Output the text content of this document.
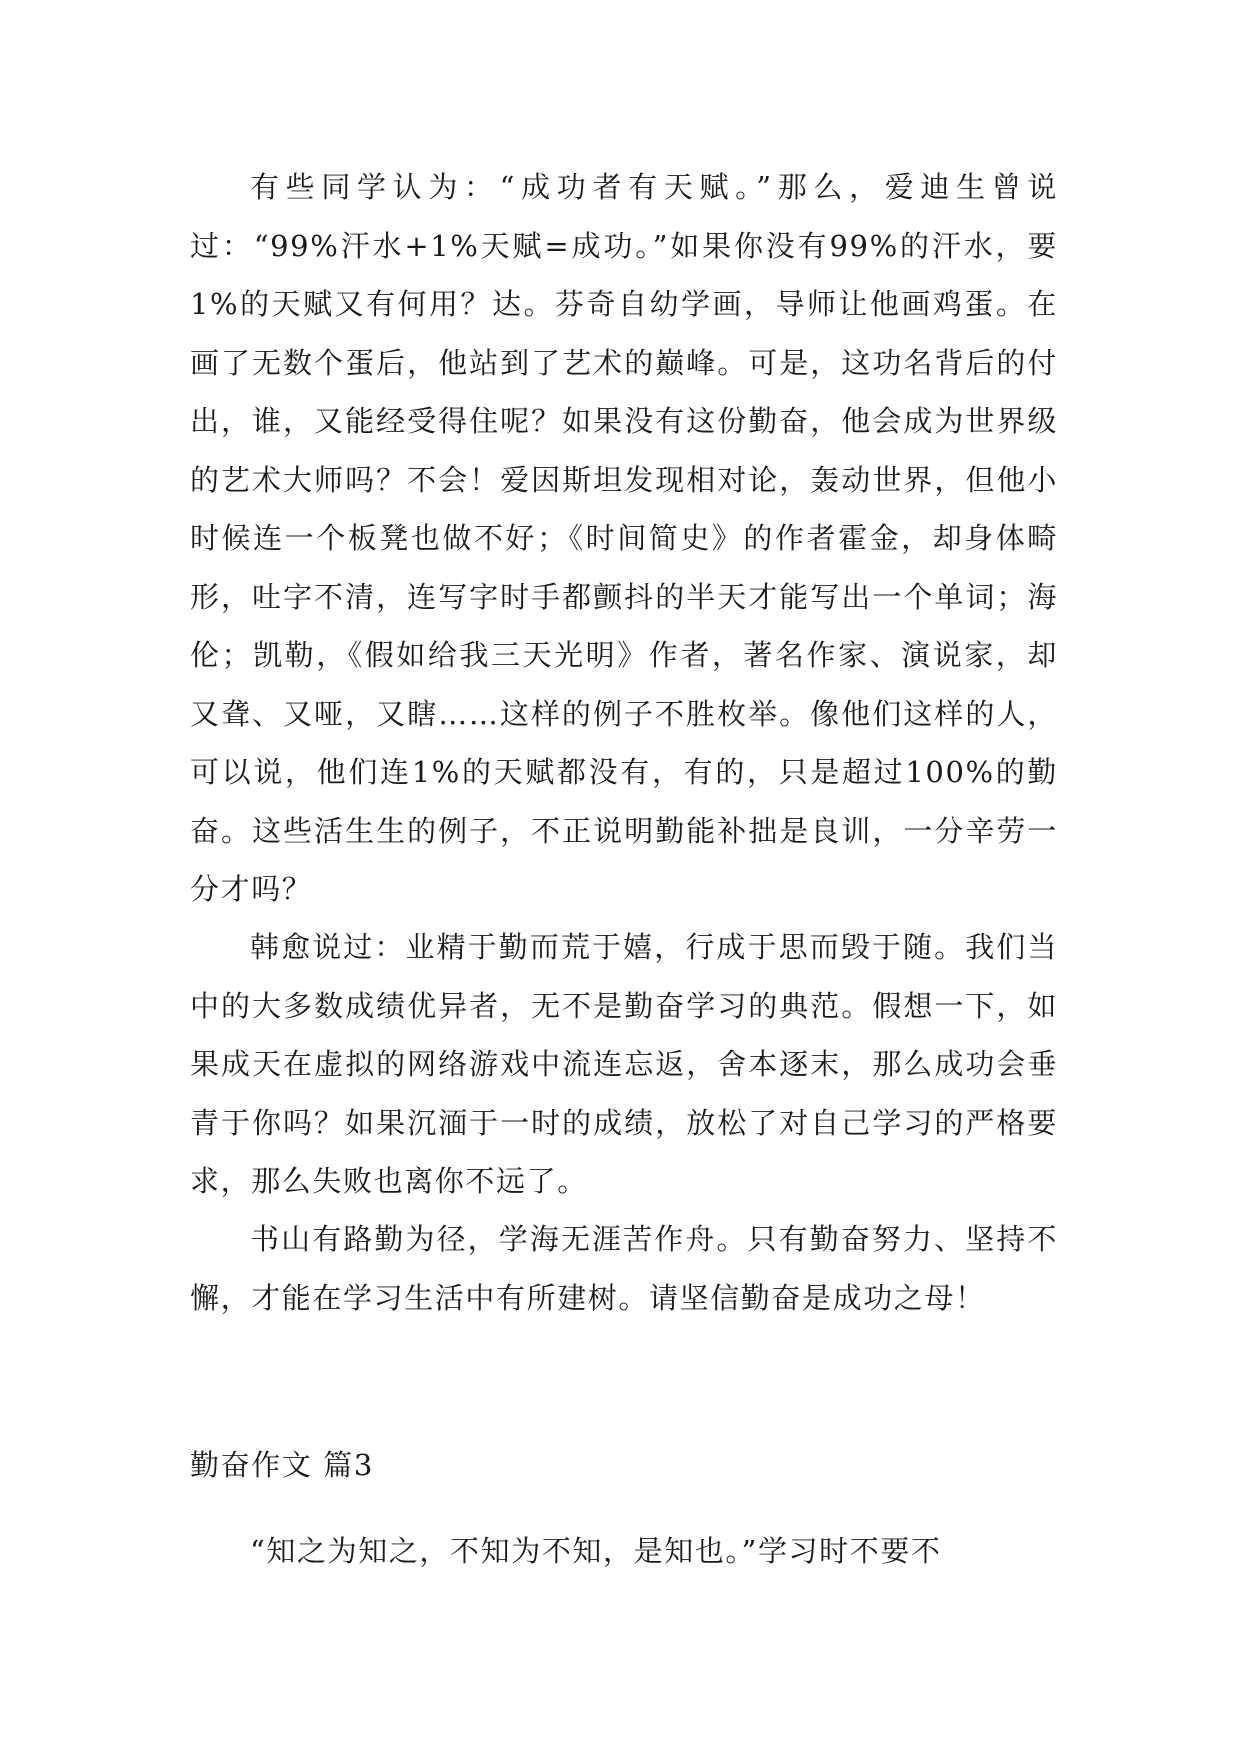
有些同学认为：“成功者有天赋。”那么，爱迪生曾说过：“99%汗水+1%天赋=成功。”如果你没有99%的汗水，要1%的天赋又有何用？达。芬奇自幼学画，导师让他画鸡蛋。在画了无数个蛋后，他站到了艺术的巅峰。可是，这功名背后的付出，谁，又能经受得住呢？如果没有这份勤奋，他会成为世界级的艺术大师吗？不会！爱因斯坦发现相对论，轰动世界，但他小时候连一个板凳也做不好；《时间简史》的作者霍金，却身体畸形，吐字不清，连写字时手都颤抖的半天才能写出一个单词；海伦；凯勒，《假如给我三天光明》作者，著名作家、演说家，却又聋、又哑，又瞎……这样的例子不胜枚举。像他们这样的人，可以说，他们连1%的天赋都没有，有的，只是超过100%的勤奋。这些活生生的例子，不正说明勤能补拙是良训，一分辛劳一分才吗？

韩愈说过：业精于勤而荒于嬉，行成于思而毁于随。我们当中的大多数成绩优异者，无不是勤奋学习的典范。假想一下，如果成天在虚拟的网络游戏中流连忘返，舍本逐末，那么成功会垂青于你吗？如果沉湎于一时的成绩，放松了对自己学习的严格要求，那么失败也离你不远了。

书山有路勤为径，学海无涯苦作舟。只有勤奋努力、坚持不懈，才能在学习生活中有所建树。请坚信勤奋是成功之母！

勤奋作文 篇3

“知之为知之，不知为不知，是知也。”学习时不要不
